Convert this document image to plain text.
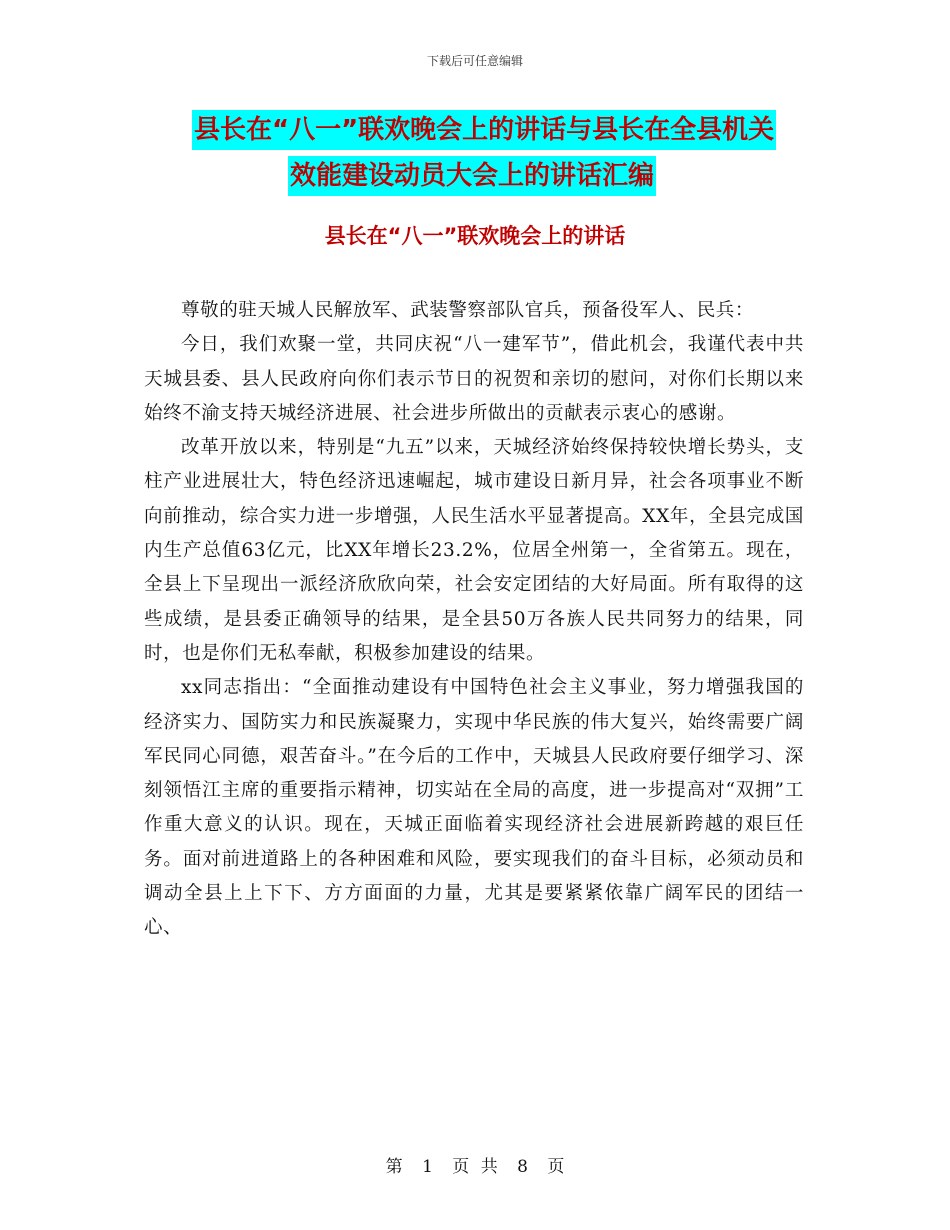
下载后可任意编辑
县长在“八一”联欢晚会上的讲话与县长在全县机关
效能建设动员大会上的讲话汇编
县长在“八一”联欢晚会上的讲话

尊敬的驻天城人民解放军、武装警察部队官兵，预备役军人、民兵：

今日，我们欢聚一堂，共同庆祝“八一建军节”，借此机会，我谨代表中共天城县委、县人民政府向你们表示节日的祝贺和亲切的慰问，对你们长期以来始终不渝支持天城经济进展、社会进步所做出的贡献表示衷心的感谢。

改革开放以来，特别是“九五”以来，天城经济始终保持较快增长势头，支柱产业进展壮大，特色经济迅速崛起，城市建设日新月异，社会各项事业不断向前推动，综合实力进一步增强，人民生活水平显著提高。XX年，全县完成国内生产总值63亿元，比XX年增长23.2%，位居全州第一，全省第五。现在，全县上下呈现出一派经济欣欣向荣，社会安定团结的大好局面。所有取得的这些成绩，是县委正确领导的结果，是全县50万各族人民共同努力的结果，同时，也是你们无私奉献，积极参加建设的结果。

xx同志指出：“全面推动建设有中国特色社会主义事业，努力增强我国的经济实力、国防实力和民族凝聚力，实现中华民族的伟大复兴，始终需要广阔军民同心同德，艰苦奋斗。”在今后的工作中，天城县人民政府要仔细学习、深刻领悟江主席的重要指示精神，切实站在全局的高度，进一步提高对“双拥”工作重大意义的认识。现在，天城正面临着实现经济社会进展新跨越的艰巨任务。面对前进道路上的各种困难和风险，要实现我们的奋斗目标，必须动员和调动全县上上下下、方方面面的力量，尤其是要紧紧依靠广阔军民的团结一心、

第 1 页 共 8 页
